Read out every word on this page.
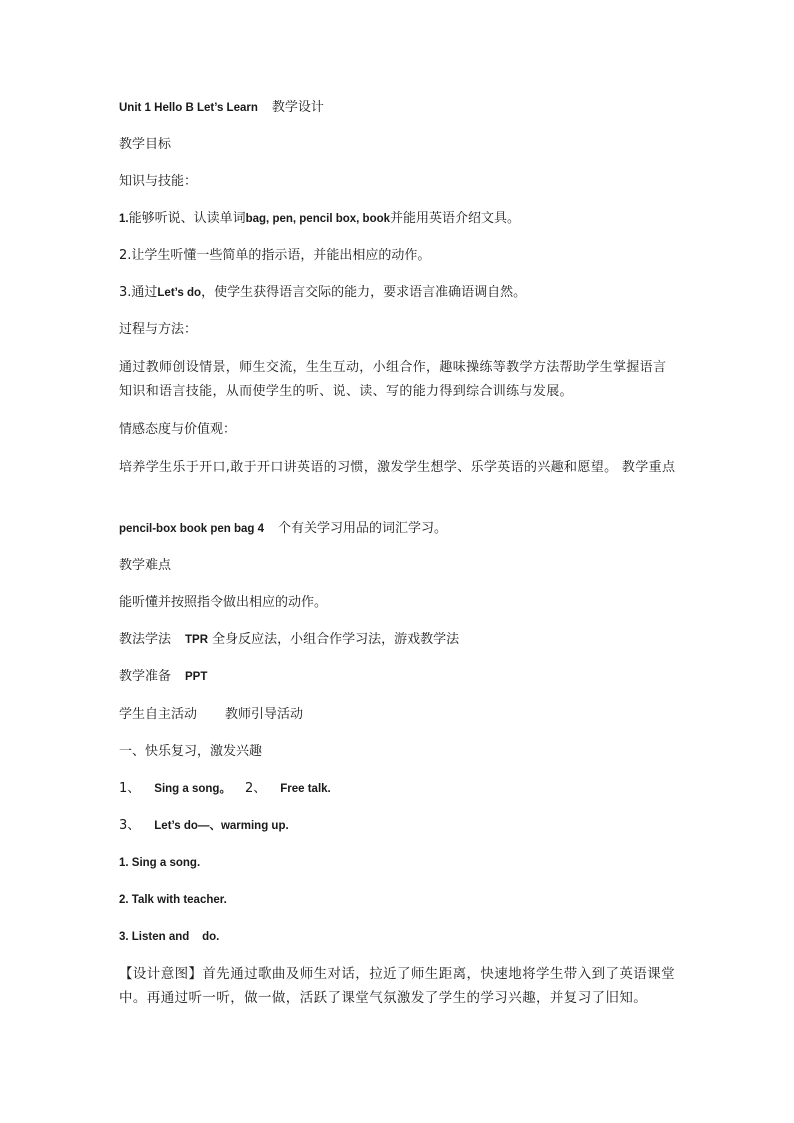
Unit 1 Hello B Let’s Learn 教学设计

教学目标

知识与技能：

1.能够听说、认读单词bag, pen, pencil box, book并能用英语介绍文具。

2.让学生听懂一些简单的指示语，并能出相应的动作。

3.通过Let’s do，使学生获得语言交际的能力，要求语言准确语调自然。

过程与方法：

通过教师创设情景，师生交流，生生互动，小组合作，趣味操练等教学方法帮助学生掌握语言知识和语言技能，从而使学生的听、说、读、写的能力得到综合训练与发展。

情感态度与价值观：

培养学生乐于开口,敢于开口讲英语的习惯，激发学生想学、乐学英语的兴趣和愿望。 教学重点

pencil-box book pen bag 4 个有关学习用品的词汇学习。

教学难点

能听懂并按照指令做出相应的动作。

教法学法 TPR 全身反应法，小组合作学习法，游戏教学法

教学准备 PPT

学生自主活动 教师引导活动

一、快乐复习，激发兴趣

1、 Sing a song。 2、 Free talk.

3、 Let’s do—、warming up.

1. Sing a song.

2. Talk with teacher.

3. Listen and    do.

【设计意图】首先通过歌曲及师生对话，拉近了师生距离，快速地将学生带入到了英语课堂中。再通过听一听，做一做，活跃了课堂气氛激发了学生的学习兴趣，并复习了旧知。
